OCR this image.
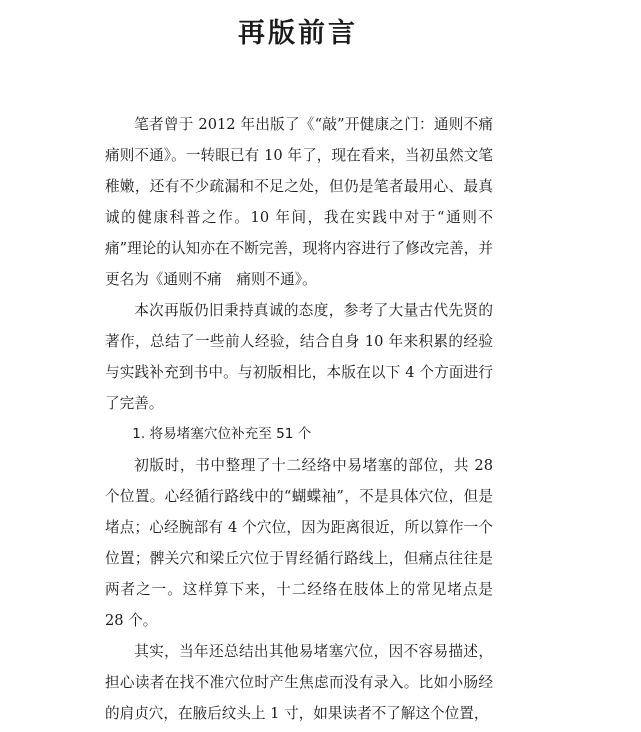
再版前言

笔者曾于 2012 年出版了《“敲”开健康之门：通则不痛　痛则不通》。一转眼已有 10 年了，现在看来，当初虽然文笔稚嫩，还有不少疏漏和不足之处，但仍是笔者最用心、最真诚的健康科普之作。10 年间，我在实践中对于“通则不痛”理论的认知亦在不断完善，现将内容进行了修改完善，并更名为《通则不痛　痛则不通》。

本次再版仍旧秉持真诚的态度，参考了大量古代先贤的著作，总结了一些前人经验，结合自身 10 年来积累的经验与实践补充到书中。与初版相比，本版在以下 4 个方面进行了完善。

1. 将易堵塞穴位补充至 51 个

初版时，书中整理了十二经络中易堵塞的部位，共 28 个位置。心经循行路线中的“蝴蝶袖”，不是具体穴位，但是堵点；心经腕部有 4 个穴位，因为距离很近，所以算作一个位置；髀关穴和梁丘穴位于胃经循行路线上，但痛点往往是两者之一。这样算下来，十二经络在肢体上的常见堵点是 28 个。

其实，当年还总结出其他易堵塞穴位，因不容易描述，担心读者在找不准穴位时产生焦虑而没有录入。比如小肠经的肩贞穴，在腋后纹头上 1 寸，如果读者不了解这个位置，
